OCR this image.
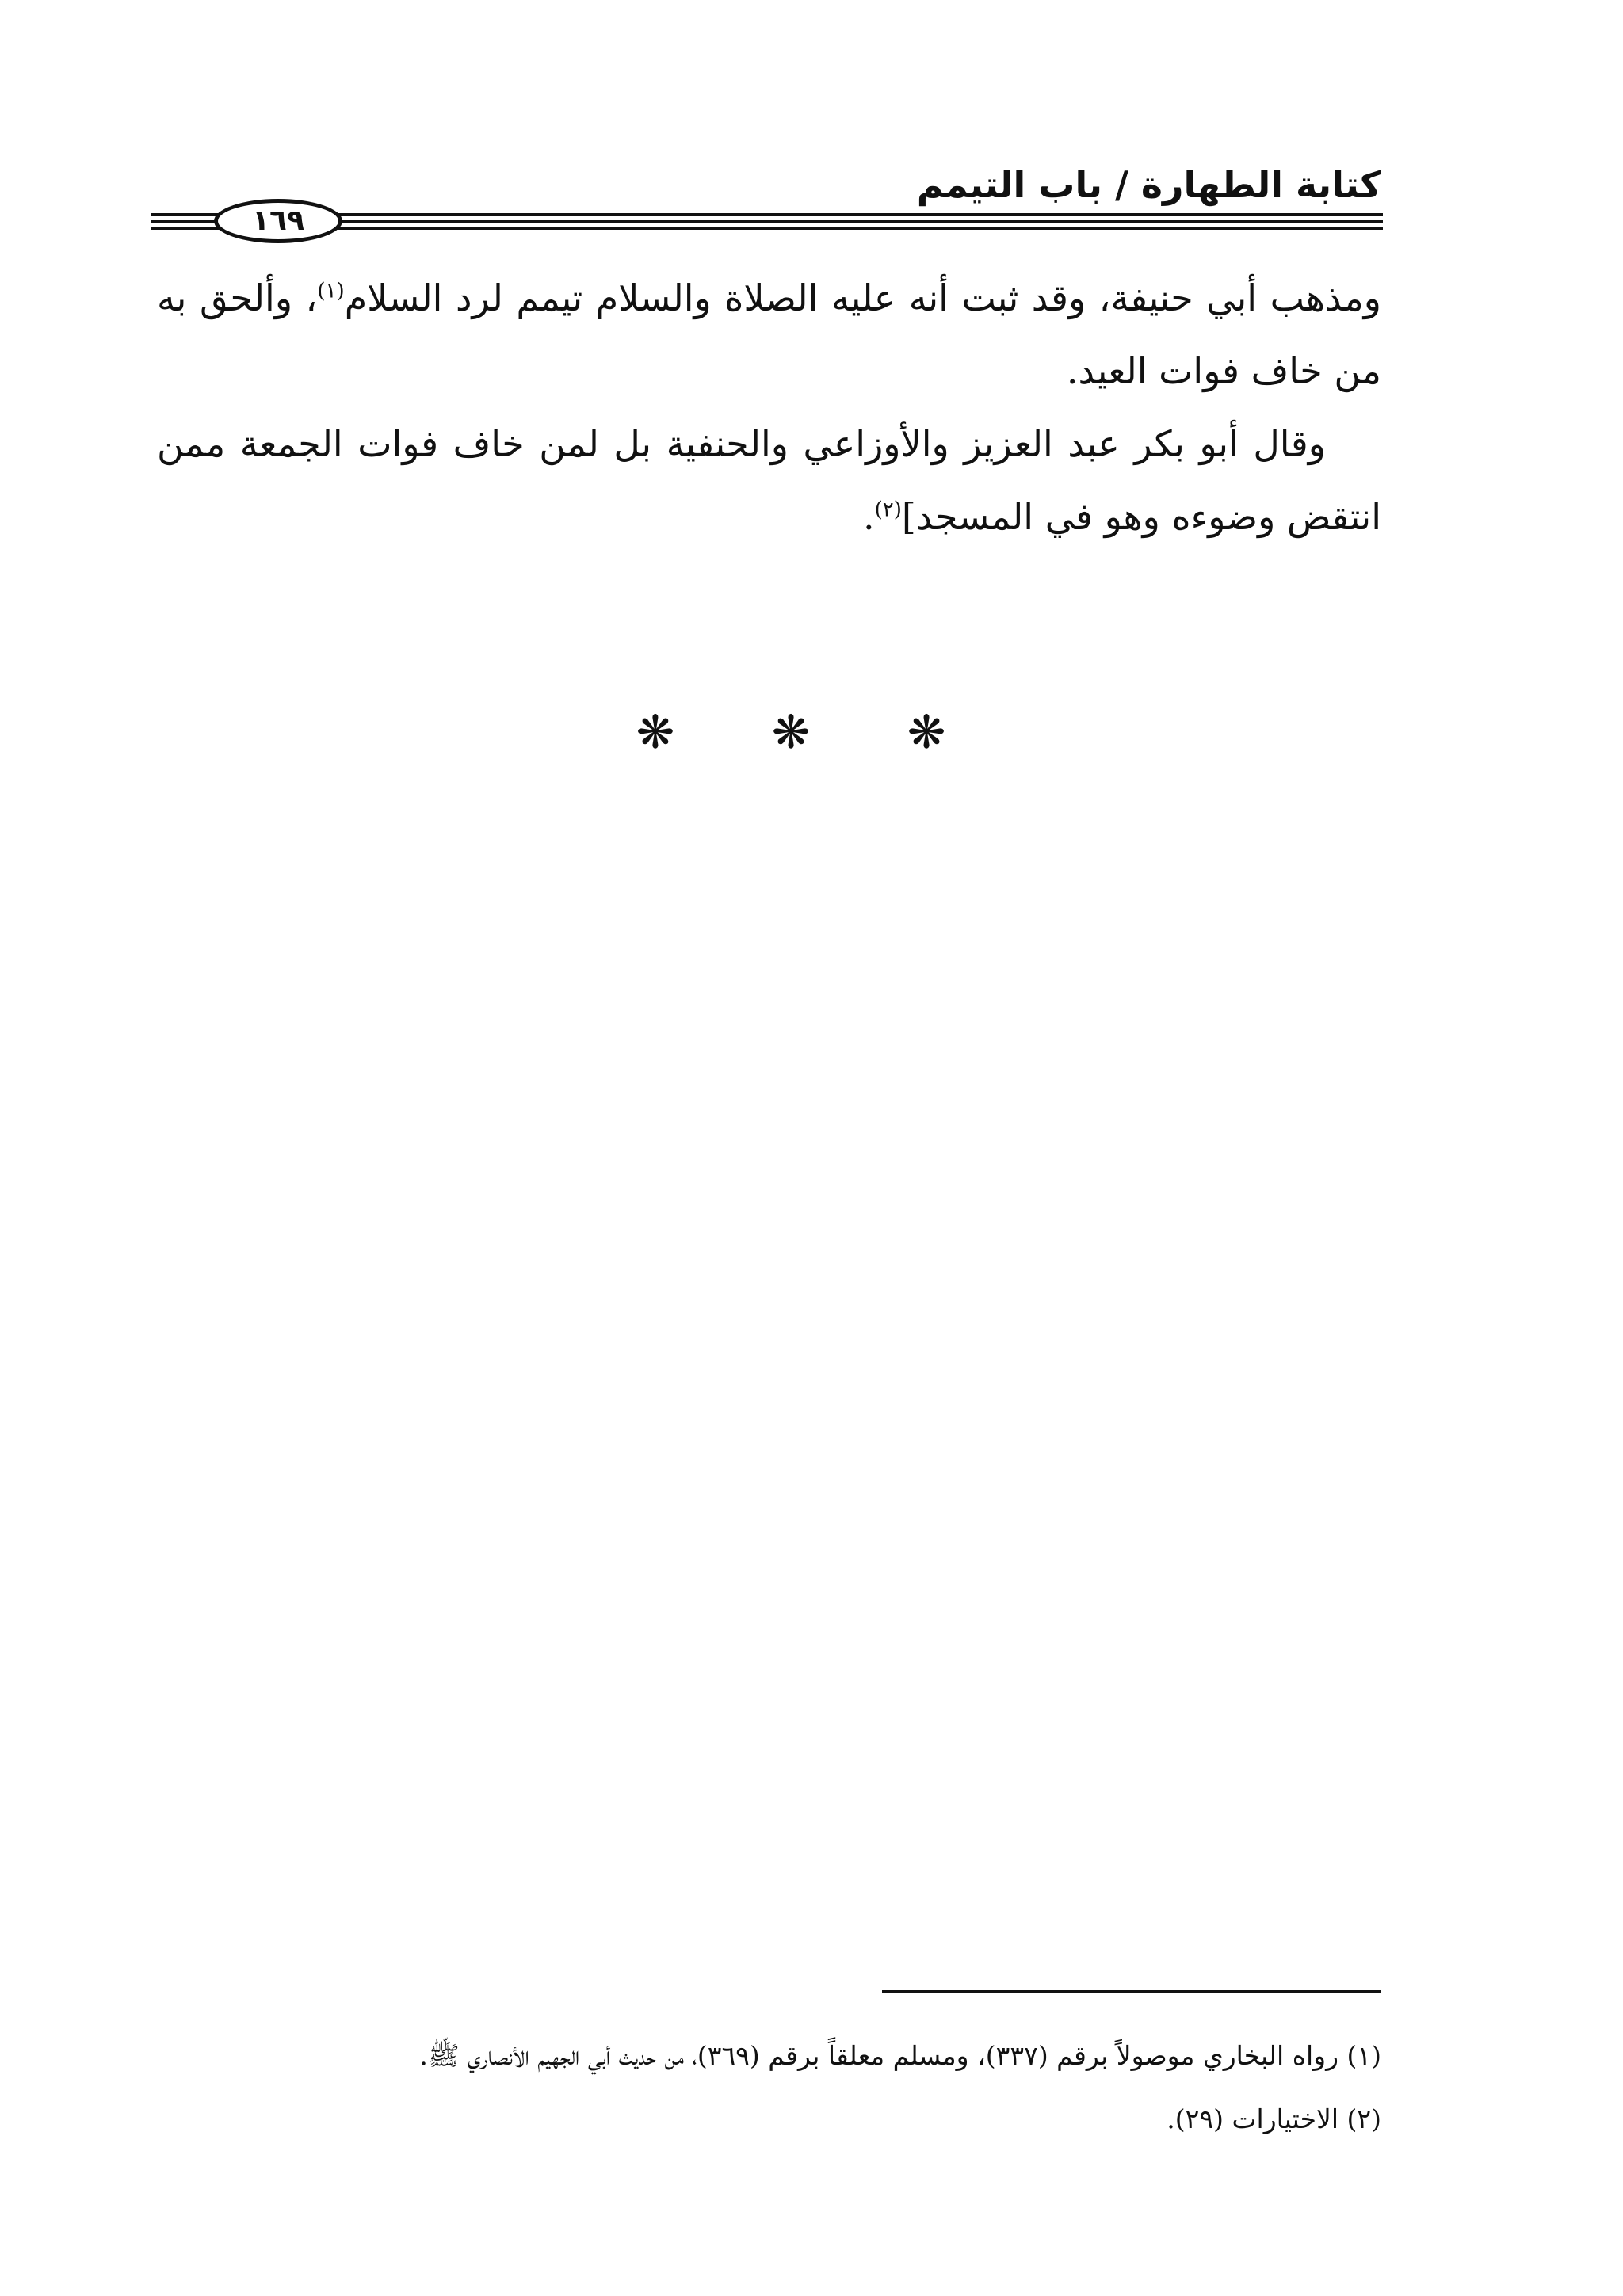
كتابة الطهارة / باب التيمم
١٦٩

ومذهب أبي حنيفة، وقد ثبت أنه عليه الصلاة والسلام تيمم لرد السلام$^{(١)}$، وألحق به من خاف فوات العيد.

وقال أبو بكر عبد العزيز والأوزاعي والحنفية بل لمن خاف فوات الجمعة ممن انتقض وضوءه وهو في المسجد]$^{(٢)}$.

❋ ❋ ❋

(١) رواه البخاري موصولاً برقم (٣٣٧)، ومسلم معلقاً برقم (٣٦٩)، من حديث أبي الجهيم الأنصاري ﷺ.

(٢) الاختيارات (٢٩).
